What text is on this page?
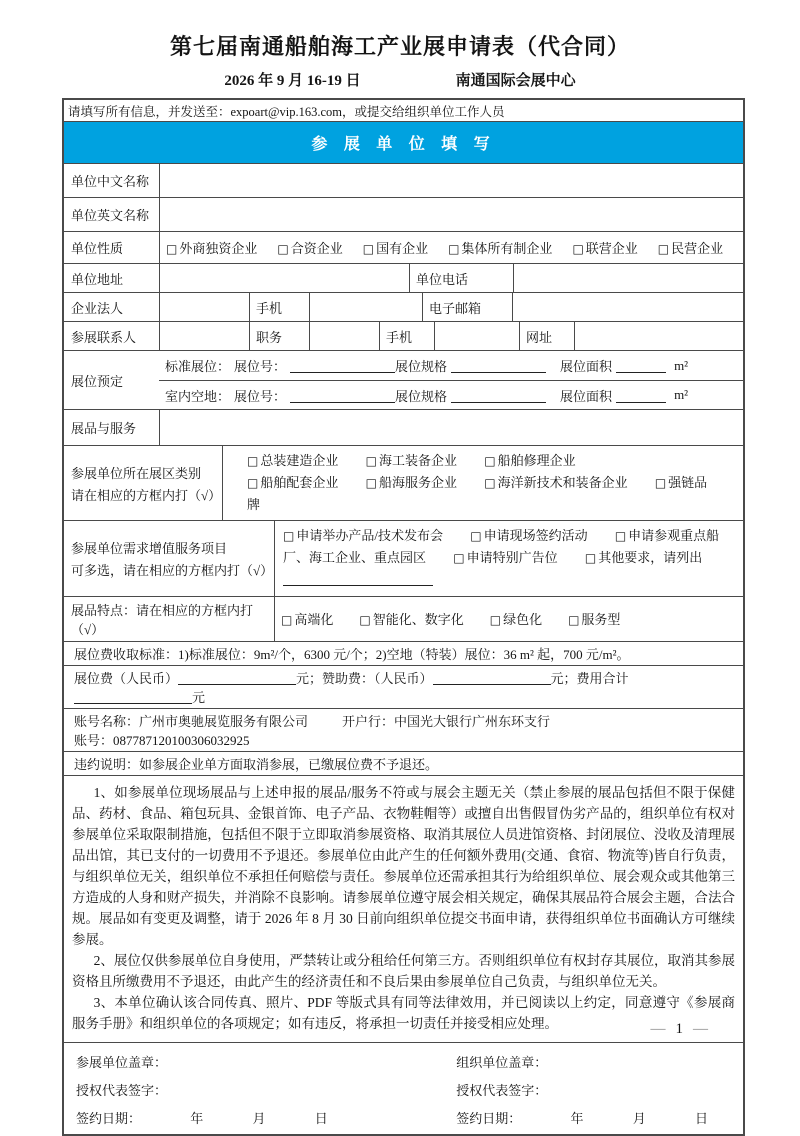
第七届南通船舶海工产业展申请表（代合同）
2026 年 9 月 16-19 日	南通国际会展中心
请填写所有信息，并发送至：expoart@vip.163.com，或提交给组织单位工作人员
参 展 单 位 填 写
单位中文名称
单位英文名称
单位性质	□ 外商独资企业 □ 合资企业 □ 国有企业 □ 集体所有制企业 □ 联营企业 □ 民营企业
单位地址	单位电话
企业法人	手机	电子邮箱
参展联系人	职务	手机	网址
展位预定
标准展位： 展位号：	展位规格	展位面积	m²
室内空地： 展位号：	展位规格	展位面积	m²
展品与服务
参展单位所在展区类别
请在相应的方框内打（√）
□ 总装建造企业 □ 海工装备企业 □ 船舶修理企业
□ 船舶配套企业 □ 船海服务企业 □ 海洋新技术和装备企业 □ 强链品牌
参展单位需求增值服务项目
可多选，请在相应的方框内打（√）
□ 申请举办产品/技术发布会 □ 申请现场签约活动 □ 申请参观重点船厂、海工企业、重点园区 □ 申请特别广告位 □ 其他要求，请列出
展品特点：请在相应的方框内打（√）
□ 高端化 □ 智能化、数字化 □ 绿色化 □ 服务型
展位费收取标准：1)标准展位：9m²/个，6300 元/个；2)空地（特装）展位：36 m² 起，700 元/m²。
展位费（人民币）	元；赞助费：（人民币）	元；费用合计
元
账号名称：广州市奥驰展览服务有限公司	开户行：中国光大银行广州东环支行
账号：087787120100306032925
违约说明：如参展企业单方面取消参展，已缴展位费不予退还。

1、如参展单位现场展品与上述申报的展品/服务不符或与展会主题无关（禁止参展的展品包括但不限于保健品、药材、食品、箱包玩具、金银首饰、电子产品、衣物鞋帽等）或擅自出售假冒伪劣产品的，组织单位有权对参展单位采取限制措施，包括但不限于立即取消参展资格、取消其展位人员进馆资格、封闭展位、没收及清理展品出馆，其已支付的一切费用不予退还。参展单位由此产生的任何额外费用(交通、食宿、物流等)皆自行负责，与组织单位无关，组织单位不承担任何赔偿与责任。参展单位还需承担其行为给组织单位、展会观众或其他第三方造成的人身和财产损失，并消除不良影响。请参展单位遵守展会相关规定，确保其展品符合展会主题，合法合规。展品如有变更及调整，请于 2026 年 8 月 30 日前向组织单位提交书面申请，获得组织单位书面确认方可继续参展。

2、展位仅供参展单位自身使用，严禁转让或分租给任何第三方。否则组织单位有权封存其展位，取消其参展资格且所缴费用不予退还，由此产生的经济责任和不良后果由参展单位自己负责，与组织单位无关。

3、本单位确认该合同传真、照片、PDF 等版式具有同等法律效用，并已阅读以上约定，同意遵守《参展商服务手册》和组织单位的各项规定；如有违反，将承担一切责任并接受相应处理。

参展单位盖章：
授权代表签字：
签约日期：	年	月	日
组织单位盖章：
授权代表签字：
签约日期：	年	月	日
— 1 —
